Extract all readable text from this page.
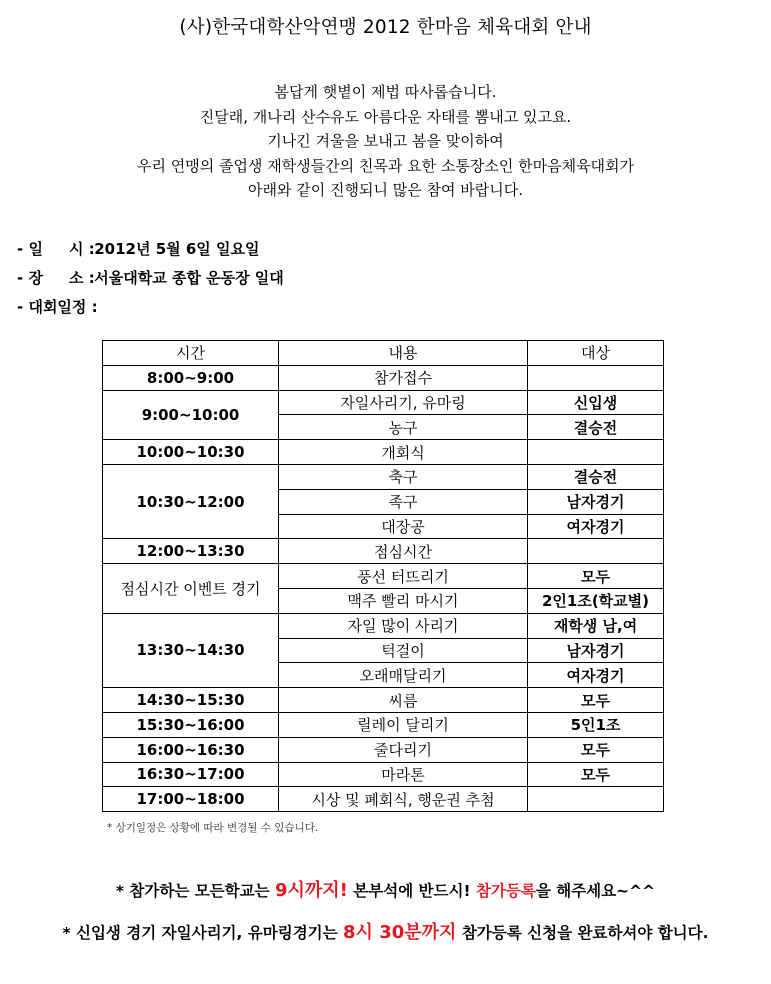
(사)한국대학산악연맹 2012 한마음 체육대회 안내
봄답게 햇볕이 제법 따사롭습니다.
진달래, 개나리 산수유도 아름다운 자태를 뽐내고 있고요.
기나긴 겨울을 보내고 봄을 맞이하여
우리 연맹의 졸업생 재학생들간의 친목과 요한 소통장소인 한마음체육대회가
아래와 같이 진행되니 많은 참여 바랍니다.
- 일     시 : 2012년 5월 6일 일요일
- 장     소 : 서울대학교 종합 운동장 일대
- 대회일정 :
시간	내용	대상
8:00~9:00	참가접수	
9:00~10:00	자일사리기, 유마링	신입생
	농구	결승전
10:00~10:30	개회식	
10:30~12:00	축구	결승전
	족구	남자경기
	대장공	여자경기
12:00~13:30	점심시간	
점심시간 이벤트 경기	풍선 터뜨리기	모두
	맥주 빨리 마시기	2인1조(학교별)
13:30~14:30	자일 많이 사리기	재학생 남,여
	턱걸이	남자경기
	오래매달리기	여자경기
14:30~15:30	씨름	모두
15:30~16:00	릴레이 달리기	5인1조
16:00~16:30	줄다리기	모두
16:30~17:00	마라톤	모두
17:00~18:00	시상 및 폐회식, 행운권 추첨	
* 상기일정은 상황에 따라 변경될 수 있습니다.
* 참가하는 모든학교는 9시까지! 본부석에 반드시! 참가등록을 해주세요~^^
* 신입생 경기 자일사리기, 유마링경기는 8시 30분까지 참가등록 신청을 완료하셔야 합니다.
